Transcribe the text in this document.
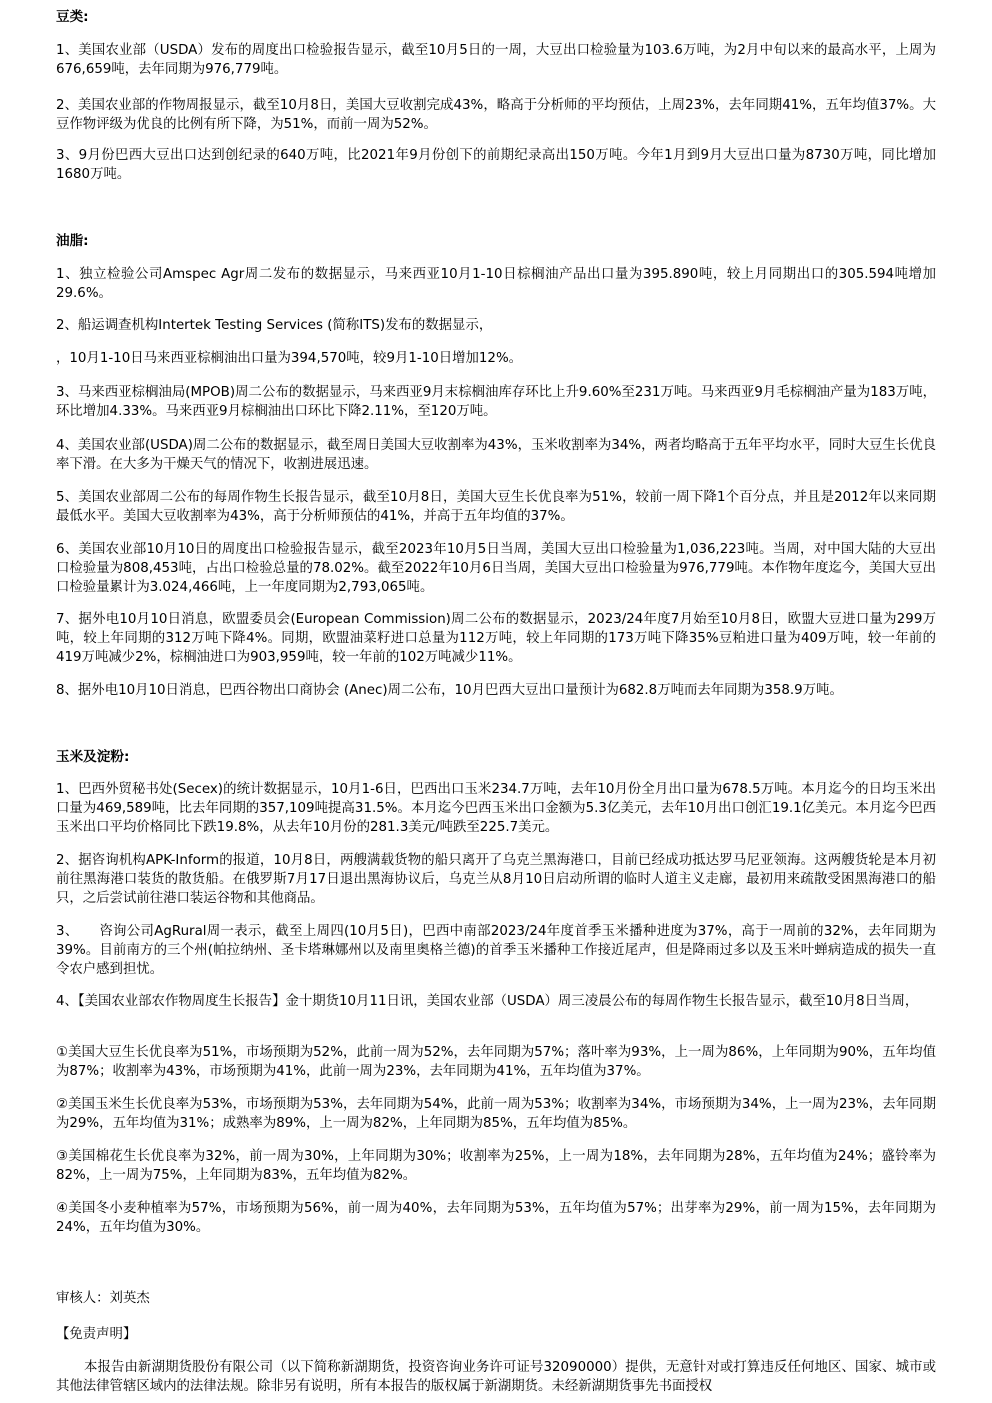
豆类:

1、美国农业部（USDA）发布的周度出口检验报告显示，截至10月5日的一周，大豆出口检验量为103.6万吨，为2月中旬以来的最高水平，上周为676,659吨，去年同期为976,779吨。

2、美国农业部的作物周报显示，截至10月8日，美国大豆收割完成43%，略高于分析师的平均预估，上周23%，去年同期41%，五年均值37%。大豆作物评级为优良的比例有所下降，为51%，而前一周为52%。

3、9月份巴西大豆出口达到创纪录的640万吨，比2021年9月份创下的前期纪录高出150万吨。今年1月到9月大豆出口量为8730万吨，同比增加1680万吨。

油脂:

1、独立检验公司Amspec Agr周二发布的数据显示，马来西亚10月1-10日棕榈油产品出口量为395.890吨，较上月同期出口的305.594吨增加29.6%。

2、船运调查机构Intertek Testing Services (简称ITS)发布的数据显示，

，10月1-10日马来西亚棕榈油出口量为394,570吨，较9月1-10日增加12%。

3、马来西亚棕榈油局(MPOB)周二公布的数据显示，马来西亚9月末棕榈油库存环比上升9.60%至231万吨。马来西亚9月毛棕榈油产量为183万吨，环比增加4.33%。马来西亚9月棕榈油出口环比下降2.11%，至120万吨。

4、美国农业部(USDA)周二公布的数据显示，截至周日美国大豆收割率为43%，玉米收割率为34%，两者均略高于五年平均水平，同时大豆生长优良率下滑。在大多为干燥天气的情况下，收割进展迅速。

5、美国农业部周二公布的每周作物生长报告显示，截至10月8日，美国大豆生长优良率为51%，较前一周下降1个百分点，并且是2012年以来同期最低水平。美国大豆收割率为43%，高于分析师预估的41%，并高于五年均值的37%。

6、美国农业部10月10日的周度出口检验报告显示，截至2023年10月5日当周，美国大豆出口检验量为1,036,223吨。当周，对中国大陆的大豆出口检验量为808,453吨，占出口检验总量的78.02%。截至2022年10月6日当周，美国大豆出口检验量为976,779吨。本作物年度迄今，美国大豆出口检验量累计为3.024,466吨，上一年度同期为2,793,065吨。

7、据外电10月10日消息，欧盟委员会(European Commission)周二公布的数据显示，2023/24年度7月始至10月8日，欧盟大豆进口量为299万吨，较上年同期的312万吨下降4%。同期，欧盟油菜籽进口总量为112万吨，较上年同期的173万吨下降35%豆粕进口量为409万吨，较一年前的419万吨减少2%，棕榈油进口为903,959吨，较一年前的102万吨减少11%。

8、据外电10月10日消息，巴西谷物出口商协会 (Anec)周二公布，10月巴西大豆出口量预计为682.8万吨而去年同期为358.9万吨。

玉米及淀粉:

1、巴西外贸秘书处(Secex)的统计数据显示，10月1-6日，巴西出口玉米234.7万吨，去年10月份全月出口量为678.5万吨。本月迄今的日均玉米出口量为469,589吨，比去年同期的357,109吨提高31.5%。本月迄今巴西玉米出口金额为5.3亿美元，去年10月出口创汇19.1亿美元。本月迄今巴西玉米出口平均价格同比下跌19.8%，从去年10月份的281.3美元/吨跌至225.7美元。

2、据咨询机构APK-Inform的报道，10月8日，两艘满载货物的船只离开了乌克兰黑海港口，目前已经成功抵达罗马尼亚领海。这两艘货轮是本月初前往黑海港口装货的散货船。在俄罗斯7月17日退出黑海协议后，乌克兰从8月10日启动所谓的临时人道主义走廊，最初用来疏散受困黑海港口的船只，之后尝试前往港口装运谷物和其他商品。

3、　　咨询公司AgRural周一表示，截至上周四(10月5日)，巴西中南部2023/24年度首季玉米播种进度为37%，高于一周前的32%，去年同期为39%。目前南方的三个州(帕拉纳州、圣卡塔琳娜州以及南里奥格兰德)的首季玉米播种工作接近尾声，但是降雨过多以及玉米叶蝉病造成的损失一直令农户感到担忧。

4、【美国农业部农作物周度生长报告】金十期货10月11日讯，美国农业部（USDA）周三凌晨公布的每周作物生长报告显示，截至10月8日当周，

①美国大豆生长优良率为51%，市场预期为52%，此前一周为52%，去年同期为57%；落叶率为93%，上一周为86%，上年同期为90%，五年均值为87%；收割率为43%，市场预期为41%，此前一周为23%，去年同期为41%，五年均值为37%。

②美国玉米生长优良率为53%，市场预期为53%，去年同期为54%，此前一周为53%；收割率为34%，市场预期为34%，上一周为23%，去年同期为29%，五年均值为31%；成熟率为89%，上一周为82%，上年同期为85%，五年均值为85%。

③美国棉花生长优良率为32%，前一周为30%，上年同期为30%；收割率为25%，上一周为18%，去年同期为28%，五年均值为24%；盛铃率为82%，上一周为75%，上年同期为83%，五年均值为82%。

④美国冬小麦种植率为57%，市场预期为56%，前一周为40%，去年同期为53%，五年均值为57%；出芽率为29%，前一周为15%，去年同期为24%，五年均值为30%。

审核人：刘英杰
【免责声明】

本报告由新湖期货股份有限公司（以下简称新湖期货，投资咨询业务许可证号32090000）提供，无意针对或打算违反任何地区、国家、城市或其他法律管辖区域内的法律法规。除非另有说明，所有本报告的版权属于新湖期货。未经新湖期货事先书面授权
